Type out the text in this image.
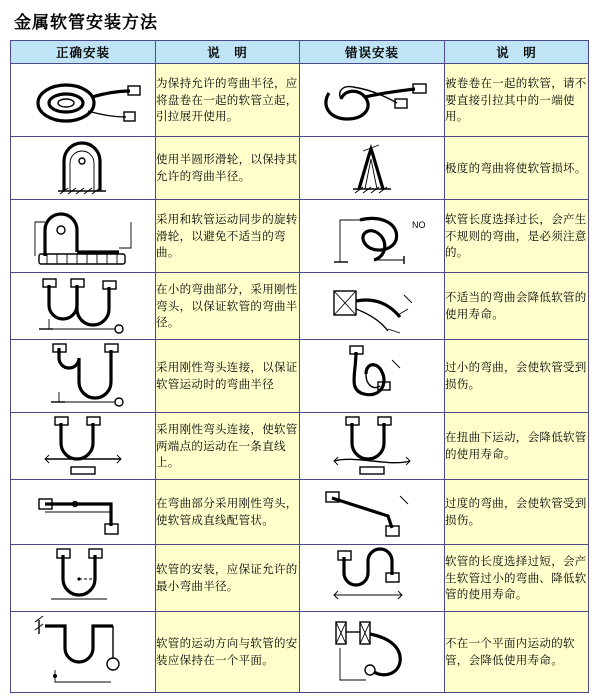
金属软管安装方法
正确安装	说　明	错误安装	说　明

	为保持允许的弯曲半径，应将盘卷在一起的软管立起，引拉展开使用。		被卷卷在一起的软管，请不要直接引拉其中的一端使用。

	使用半圆形滑轮，以保持其允许的弯曲半径。		极度的弯曲将使软管损坏。

	采用和软管运动同步的旋转滑轮，以避免不适当的弯曲。	NO	软管长度选择过长，会产生不规则的弯曲，是必须注意的。

	在小的弯曲部分，采用刚性弯头，以保证软管的弯曲半径。		不适当的弯曲会降低软管的使用寿命。

	采用刚性弯头连接，以保证软管运动时的弯曲半径		过小的弯曲，会使软管受到损伤。

	采用刚性弯头连接，使软管两端点的运动在一条直线上。		在扭曲下运动，会降低软管的使用寿命。

	在弯曲部分采用刚性弯头，使软管成直线配管状。		过度的弯曲，会使软管受到损伤。

	软管的安装，应保证允许的最小弯曲半径。		软管的长度选择过短，会产生软管过小的弯曲、降低软管的使用寿命。

	软管的运动方向与软管的安装应保持在一个平面。		不在一个平面内运动的软管，会降低使用寿命。
